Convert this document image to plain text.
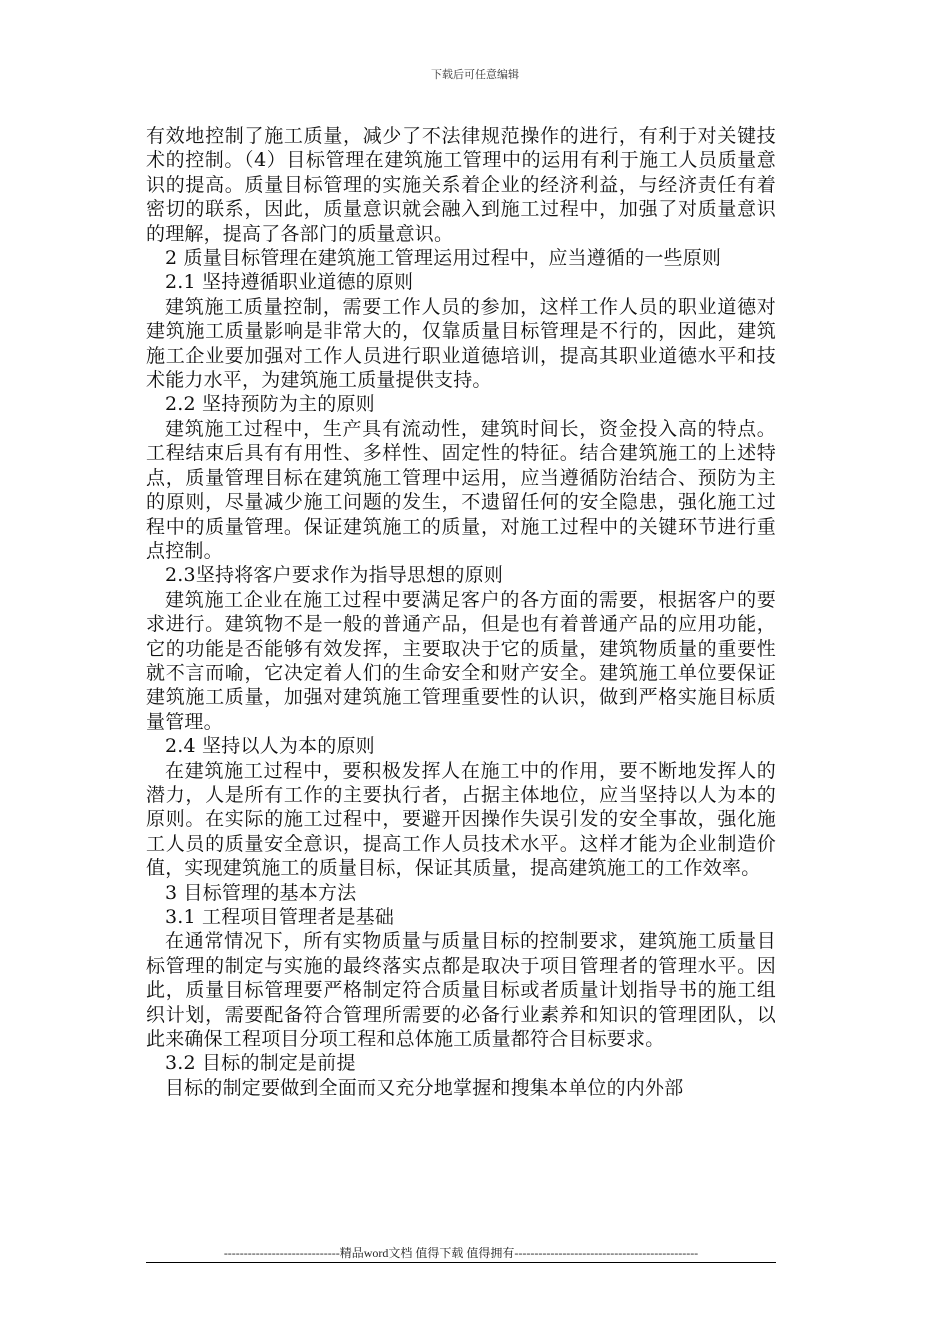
下载后可任意编辑

有效地控制了施工质量，减少了不法律规范操作的进行，有利于对关键技术的控制。（4）目标管理在建筑施工管理中的运用有利于施工人员质量意识的提高。质量目标管理的实施关系着企业的经济利益，与经济责任有着密切的联系，因此，质量意识就会融入到施工过程中，加强了对质量意识的理解，提高了各部门的质量意识。

2 质量目标管理在建筑施工管理运用过程中，应当遵循的一些原则

2.1 坚持遵循职业道德的原则

建筑施工质量控制，需要工作人员的参加，这样工作人员的职业道德对建筑施工质量影响是非常大的，仅靠质量目标管理是不行的，因此，建筑施工企业要加强对工作人员进行职业道德培训，提高其职业道德水平和技术能力水平，为建筑施工质量提供支持。

2.2 坚持预防为主的原则

建筑施工过程中，生产具有流动性，建筑时间长，资金投入高的特点。工程结束后具有有用性、多样性、固定性的特征。结合建筑施工的上述特点，质量管理目标在建筑施工管理中运用，应当遵循防治结合、预防为主的原则，尽量减少施工问题的发生，不遗留任何的安全隐患，强化施工过程中的质量管理。保证建筑施工的质量，对施工过程中的关键环节进行重点控制。

2.3坚持将客户要求作为指导思想的原则

建筑施工企业在施工过程中要满足客户的各方面的需要，根据客户的要求进行。建筑物不是一般的普通产品，但是也有着普通产品的应用功能，它的功能是否能够有效发挥，主要取决于它的质量，建筑物质量的重要性就不言而喻，它决定着人们的生命安全和财产安全。建筑施工单位要保证建筑施工质量，加强对建筑施工管理重要性的认识，做到严格实施目标质量管理。

2.4 坚持以人为本的原则

在建筑施工过程中，要积极发挥人在施工中的作用，要不断地发挥人的潜力，人是所有工作的主要执行者，占据主体地位，应当坚持以人为本的原则。在实际的施工过程中，要避开因操作失误引发的安全事故，强化施工人员的质量安全意识，提高工作人员技术水平。这样才能为企业制造价值，实现建筑施工的质量目标，保证其质量，提高建筑施工的工作效率。

3 目标管理的基本方法

3.1 工程项目管理者是基础

在通常情况下，所有实物质量与质量目标的控制要求，建筑施工质量目标管理的制定与实施的最终落实点都是取决于项目管理者的管理水平。因此，质量目标管理要严格制定符合质量目标或者质量计划指导书的施工组织计划，需要配备符合管理所需要的必备行业素养和知识的管理团队，以此来确保工程项目分项工程和总体施工质量都符合目标要求。

3.2 目标的制定是前提

目标的制定要做到全面而又充分地掌握和搜集本单位的内外部

-----------------------------精品word文档 值得下载 值得拥有----------------------------------------------
